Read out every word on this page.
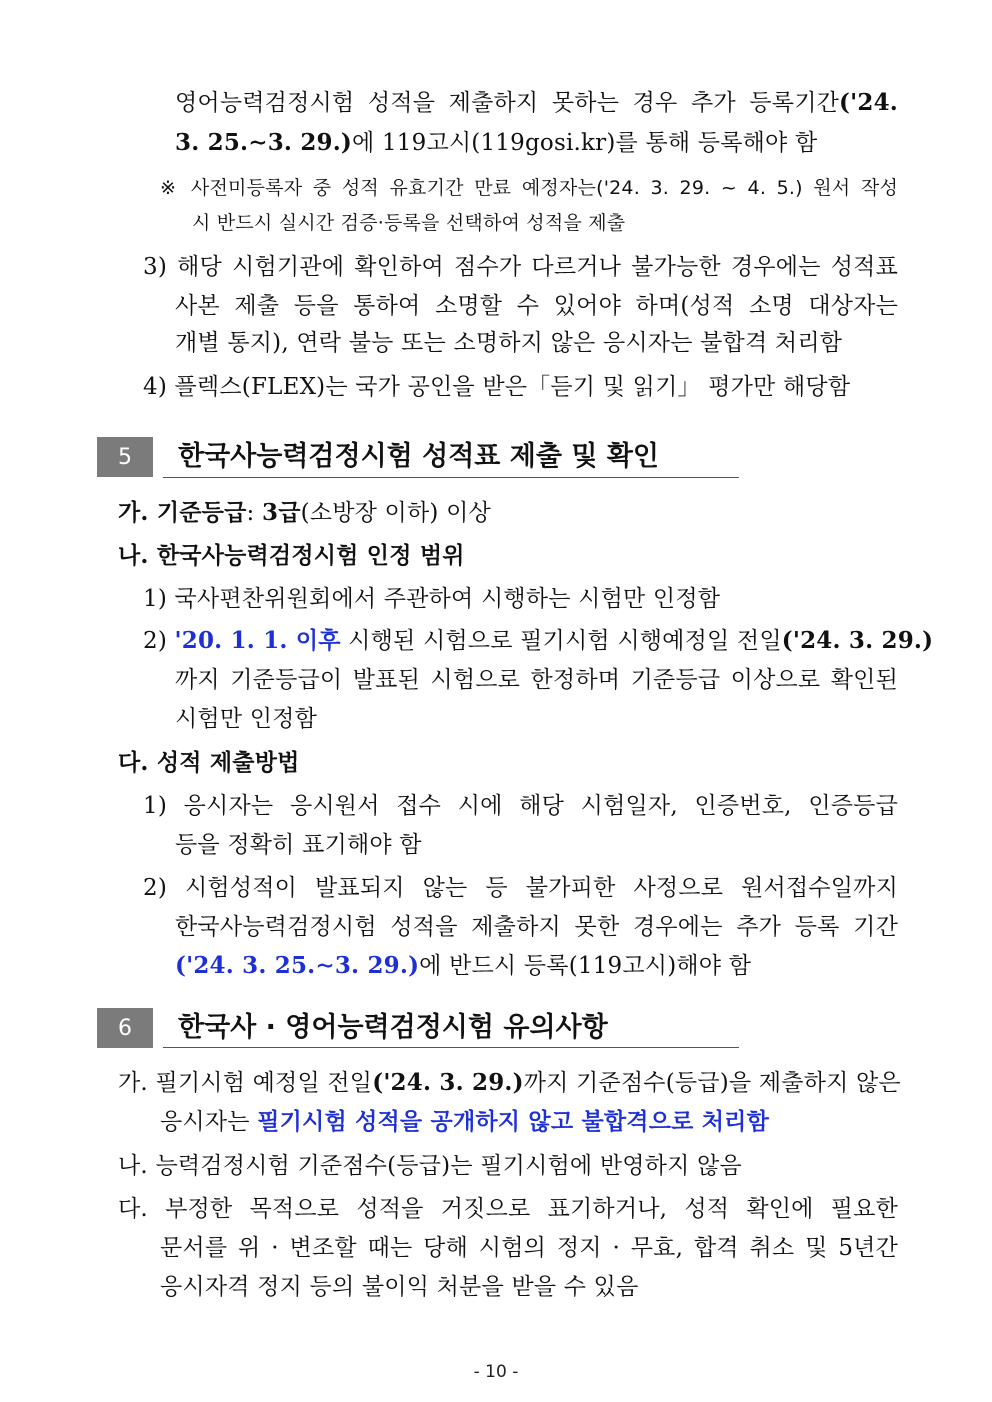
영어능력검정시험 성적을 제출하지 못하는 경우 추가 등록기간('24.
3. 25.∼3. 29.)에 119고시(119gosi.kr)를 통해 등록해야 함
※ 사전미등록자 중 성적 유효기간 만료 예정자는('24. 3. 29. ~ 4. 5.) 원서 작성
시 반드시 실시간 검증·등록을 선택하여 성적을 제출
3) 해당 시험기관에 확인하여 점수가 다르거나 불가능한 경우에는 성적표
사본 제출 등을 통하여 소명할 수 있어야 하며(성적 소명 대상자는
개별 통지), 연락 불능 또는 소명하지 않은 응시자는 불합격 처리함
4) 플렉스(FLEX)는 국가 공인을 받은「듣기 및 읽기」 평가만 해당함
5	한국사능력검정시험 성적표 제출 및 확인
가. 기준등급: 3급(소방장 이하) 이상
나. 한국사능력검정시험 인정 범위
1) 국사편찬위원회에서 주관하여 시행하는 시험만 인정함
2) '20. 1. 1. 이후 시행된 시험으로 필기시험 시행예정일 전일('24. 3. 29.)
까지 기준등급이 발표된 시험으로 한정하며 기준등급 이상으로 확인된
시험만 인정함
다. 성적 제출방법
1) 응시자는 응시원서 접수 시에 해당 시험일자, 인증번호, 인증등급
등을 정확히 표기해야 함
2) 시험성적이 발표되지 않는 등 불가피한 사정으로 원서접수일까지
한국사능력검정시험 성적을 제출하지 못한 경우에는 추가 등록 기간
('24. 3. 25.∼3. 29.)에 반드시 등록(119고시)해야 함
6	한국사 · 영어능력검정시험 유의사항
가. 필기시험 예정일 전일('24. 3. 29.)까지 기준점수(등급)을 제출하지 않은
응시자는 필기시험 성적을 공개하지 않고 불합격으로 처리함
나. 능력검정시험 기준점수(등급)는 필기시험에 반영하지 않음
다. 부정한 목적으로 성적을 거짓으로 표기하거나, 성적 확인에 필요한
문서를 위 · 변조할 때는 당해 시험의 정지 · 무효, 합격 취소 및 5년간
응시자격 정지 등의 불이익 처분을 받을 수 있음
- 10 -
